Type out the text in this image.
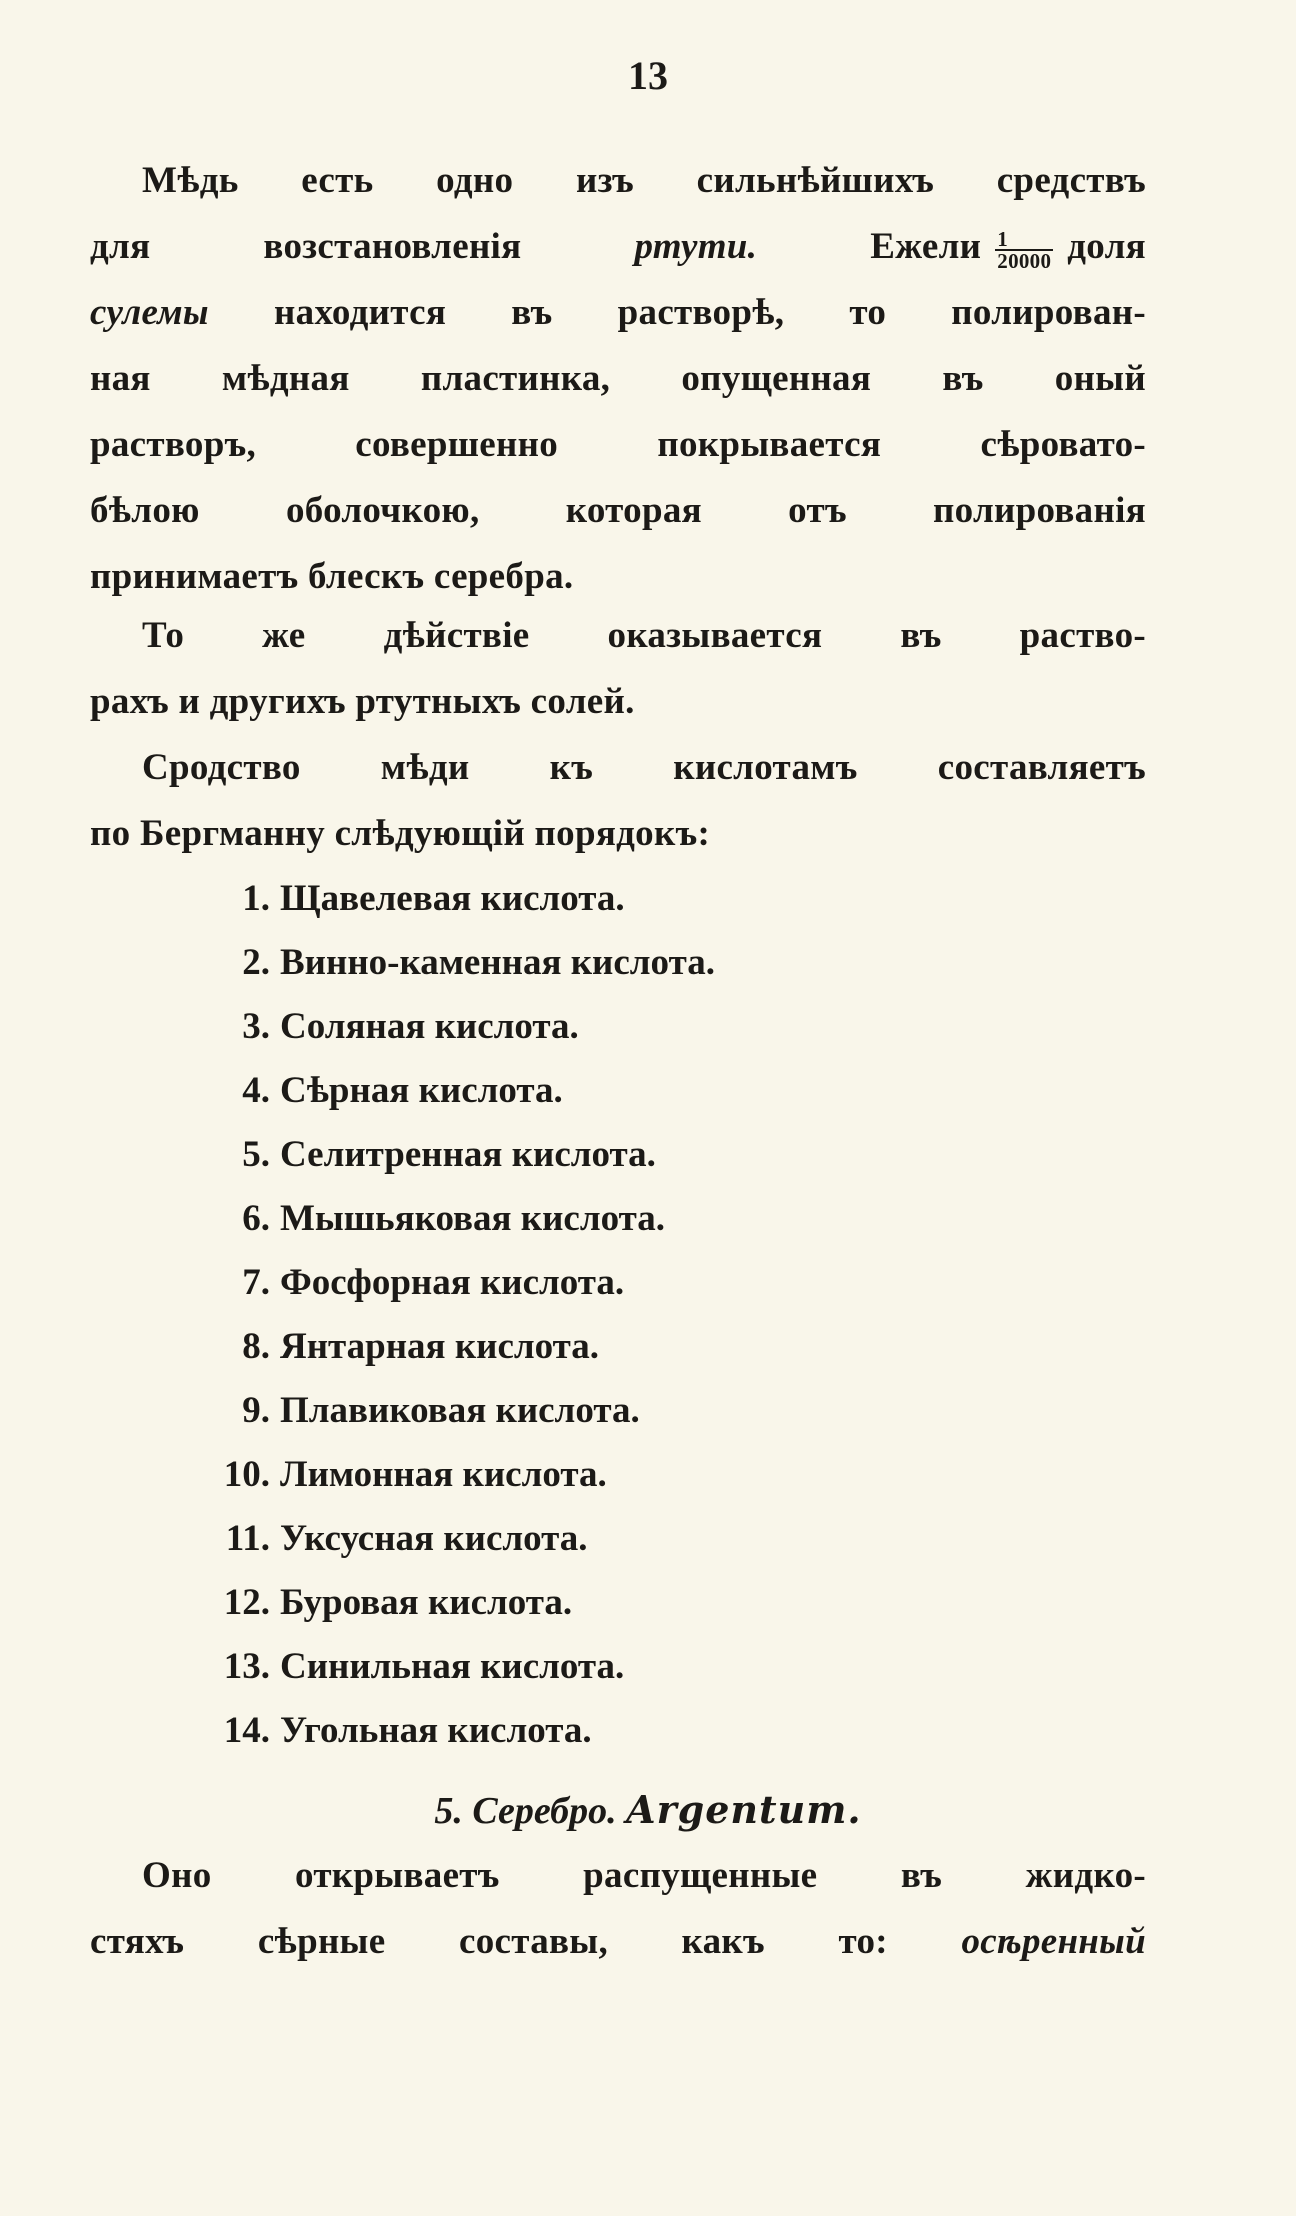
13
Мѣдь есть одно изъ сильнѣйшихъ средствъ
для возстановленія	ртути.	Ежели $\frac{1}{20000}$ доля
сулемы находится въ растворѣ, то полирован-
ная мѣдная пластинка, опущенная въ оный
растворъ, совершенно покрывается сѣровато-
бѣлою оболочкою, которая отъ полированія
принимаетъ блескъ серебра.
То же дѣйствіе оказывается въ раство-
рахъ и другихъ ртутныхъ солей.
Сродство мѣди къ кислотамъ составляетъ
по Бергманну слѣдующій порядокъ:
1. Щавелевая кислота.
2. Винно-каменная кислота.
3. Соляная кислота.
4. Сѣрная кислота.
5. Селитренная кислота.
6. Мышьяковая кислота.
7. Фосфорная кислота.
8. Янтарная кислота.
9. Плавиковая кислота.
10. Лимонная кислота.
11. Уксусная кислота.
12. Буровая кислота.
13. Синильная кислота.
14. Угольная кислота.
5. Серебро. Argentum.
Оно открываетъ распущенные въ жидко-
стяхъ сѣрные составы, какъ то: осѣренный
